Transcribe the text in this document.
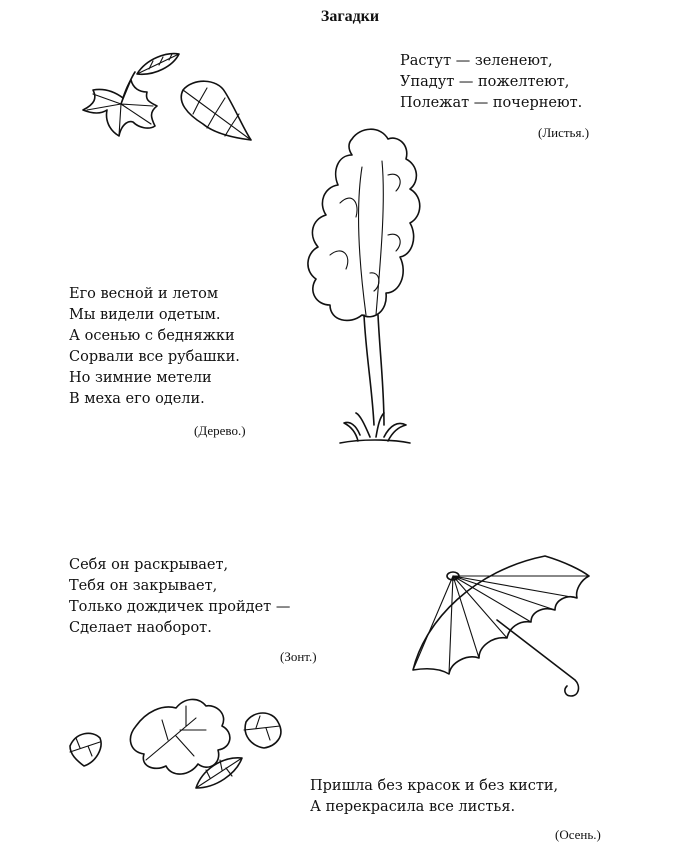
Загадки
Растут — зеленеют,
Упадут — пожелтеют,
Полежат — почернеют.
(Листья.)
Его весной и летом
Мы видели одетым.
А осенью с бедняжки
Сорвали все рубашки.
Но зимние метели
В меха его одели.
(Дерево.)
Себя он раскрывает,
Тебя он закрывает,
Только дождичек пройдет —
Сделает наоборот.
(Зонт.)
Пришла без красок и без кисти,
А перекрасила все листья.
(Осень.)
